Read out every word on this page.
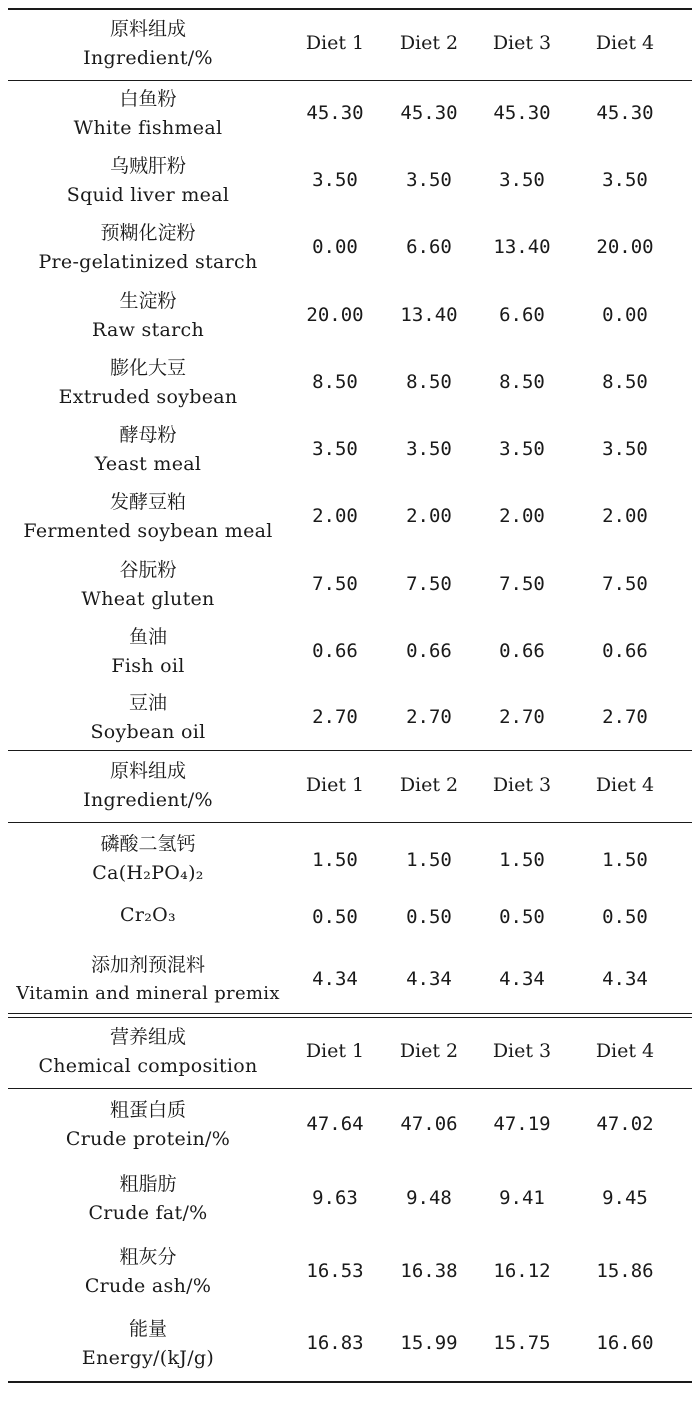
原料组成
Ingredient/%
Diet 1	Diet 2	Diet 3	Diet 4
白鱼粉
White fishmeal
45.30	45.30	45.30	45.30
乌贼肝粉
Squid liver meal
3.50	3.50	3.50	3.50
预糊化淀粉
Pre-gelatinized starch
0.00	6.60	13.40	20.00
生淀粉
Raw starch
20.00	13.40	6.60	0.00
膨化大豆
Extruded soybean
8.50	8.50	8.50	8.50
酵母粉
Yeast meal
3.50	3.50	3.50	3.50
发酵豆粕
Fermented soybean meal
2.00	2.00	2.00	2.00
谷朊粉
Wheat gluten
7.50	7.50	7.50	7.50
鱼油
Fish oil
0.66	0.66	0.66	0.66
豆油
Soybean oil
2.70	2.70	2.70	2.70
原料组成
Ingredient/%
Diet 1	Diet 2	Diet 3	Diet 4
磷酸二氢钙
Ca(H₂PO₄)₂
1.50	1.50	1.50	1.50
Cr₂O₃	0.50	0.50	0.50	0.50
添加剂预混料
Vitamin and mineral premix
4.34	4.34	4.34	4.34
营养组成
Chemical composition
Diet 1	Diet 2	Diet 3	Diet 4
粗蛋白质
Crude protein/%
47.64	47.06	47.19	47.02
粗脂肪
Crude fat/%
9.63	9.48	9.41	9.45
粗灰分
Crude ash/%
16.53	16.38	16.12	15.86
能量
Energy/(kJ/g)
16.83	15.99	15.75	16.60
